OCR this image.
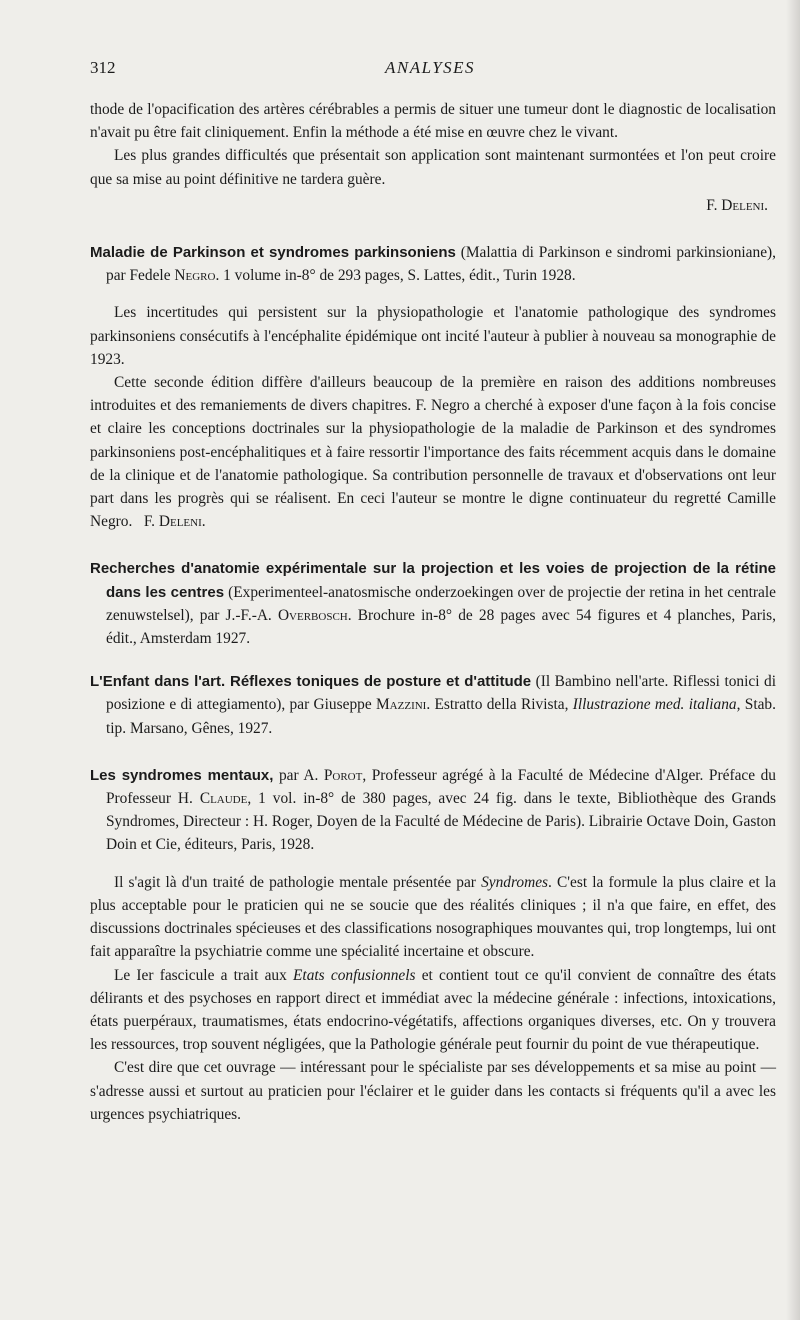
ANALYSES
312

thode de l'opacification des artères cérébrables a permis de situer une tumeur dont le diagnostic de localisation n'avait pu être fait cliniquement. Enfin la méthode a été mise en œuvre chez le vivant.

Les plus grandes difficultés que présentait son application sont maintenant surmontées et l'on peut croire que sa mise au point définitive ne tardera guère.

F. Deleni.

Maladie de Parkinson et syndromes parkinsoniens (Malattia di Parkinson e sindromi parkinsioniane), par Fedele Negro. 1 volume in-8° de 293 pages, S. Lattes, édit., Turin 1928.

Les incertitudes qui persistent sur la physiopathologie et l'anatomie pathologique des syndromes parkinsoniens consécutifs à l'encéphalite épidémique ont incité l'auteur à publier à nouveau sa monographie de 1923.

Cette seconde édition diffère d'ailleurs beaucoup de la première en raison des additions nombreuses introduites et des remaniements de divers chapitres. F. Negro a cherché à exposer d'une façon à la fois concise et claire les conceptions doctrinales sur la physiopathologie de la maladie de Parkinson et des syndromes parkinsoniens post-encéphalitiques et à faire ressortir l'importance des faits récemment acquis dans le domaine de la clinique et de l'anatomie pathologique. Sa contribution personnelle de travaux et d'observations ont leur part dans les progrès qui se réalisent. En ceci l'auteur se montre le digne continuateur du regretté Camille Negro. F. Deleni.

Recherches d'anatomie expérimentale sur la projection et les voies de projection de la rétine dans les centres (Experimenteel-anatosmische onderzoekingen over de projectie der retina in het centrale zenuwstelsel), par J.-F.-A. Overbosch. Brochure in-8° de 28 pages avec 54 figures et 4 planches, Paris, édit., Amsterdam 1927.

L'Enfant dans l'art. Réflexes toniques de posture et d'attitude (Il Bambino nell'arte. Riflessi tonici di posizione e di attegiamento), par Giuseppe Mazzini. Estratto della Rivista, Illustrazione med. italiana, Stab. tip. Marsano, Gênes, 1927.

Les syndromes mentaux, par A. Porot, Professeur agrégé à la Faculté de Médecine d'Alger. Préface du Professeur H. Claude, 1 vol. in-8° de 380 pages, avec 24 fig. dans le texte, Bibliothèque des Grands Syndromes, Directeur : H. Roger, Doyen de la Faculté de Médecine de Paris). Librairie Octave Doin, Gaston Doin et Cie, éditeurs, Paris, 1928.

Il s'agit là d'un traité de pathologie mentale présentée par Syndromes. C'est la formule la plus claire et la plus acceptable pour le praticien qui ne se soucie que des réalités cliniques ; il n'a que faire, en effet, des discussions doctrinales spécieuses et des classifications nosographiques mouvantes qui, trop longtemps, lui ont fait apparaître la psychiatrie comme une spécialité incertaine et obscure.

Le Ier fascicule a trait aux Etats confusionnels et contient tout ce qu'il convient de connaître des états délirants et des psychoses en rapport direct et immédiat avec la médecine générale : infections, intoxications, états puerpéraux, traumatismes, états endocrino-végétatifs, affections organiques diverses, etc. On y trouvera les ressources, trop souvent négligées, que la Pathologie générale peut fournir du point de vue thérapeutique.

C'est dire que cet ouvrage — intéressant pour le spécialiste par ses développements et sa mise au point — s'adresse aussi et surtout au praticien pour l'éclairer et le guider dans les contacts si fréquents qu'il a avec les urgences psychiatriques.
